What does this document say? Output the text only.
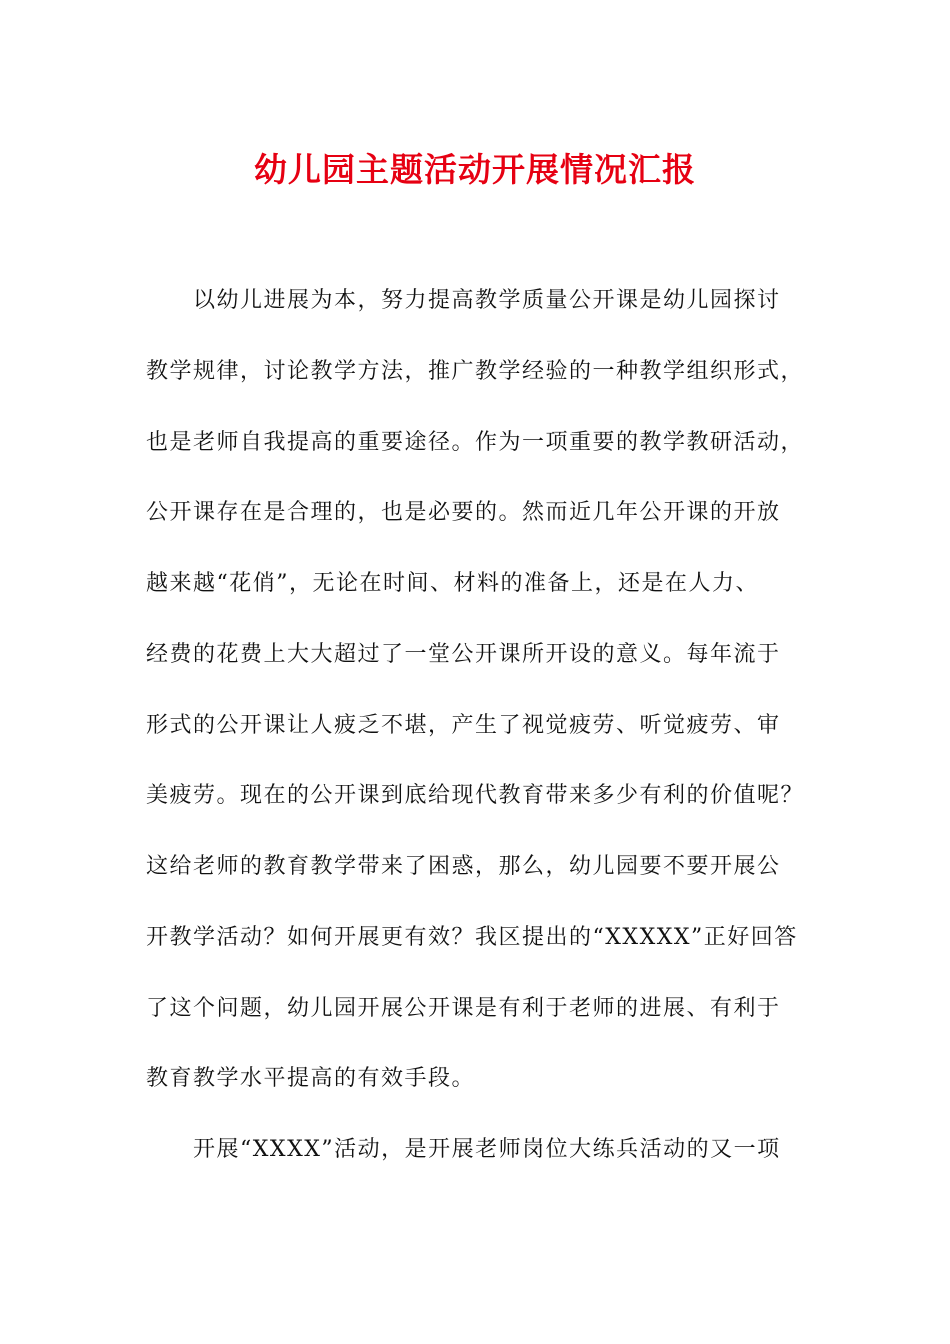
幼儿园主题活动开展情况汇报
以幼儿进展为本，努力提高教学质量公开课是幼儿园探讨
教学规律，讨论教学方法，推广教学经验的一种教学组织形式，
也是老师自我提高的重要途径。作为一项重要的教学教研活动，
公开课存在是合理的，也是必要的。然而近几年公开课的开放
越来越“花俏”，无论在时间、材料的准备上，还是在人力、
经费的花费上大大超过了一堂公开课所开设的意义。每年流于
形式的公开课让人疲乏不堪，产生了视觉疲劳、听觉疲劳、审
美疲劳。现在的公开课到底给现代教育带来多少有利的价值呢？
这给老师的教育教学带来了困惑，那么，幼儿园要不要开展公
开教学活动？如何开展更有效？我区提出的“XXXXX”正好回答
了这个问题，幼儿园开展公开课是有利于老师的进展、有利于
教育教学水平提高的有效手段。
开展“XXXX”活动，是开展老师岗位大练兵活动的又一项
